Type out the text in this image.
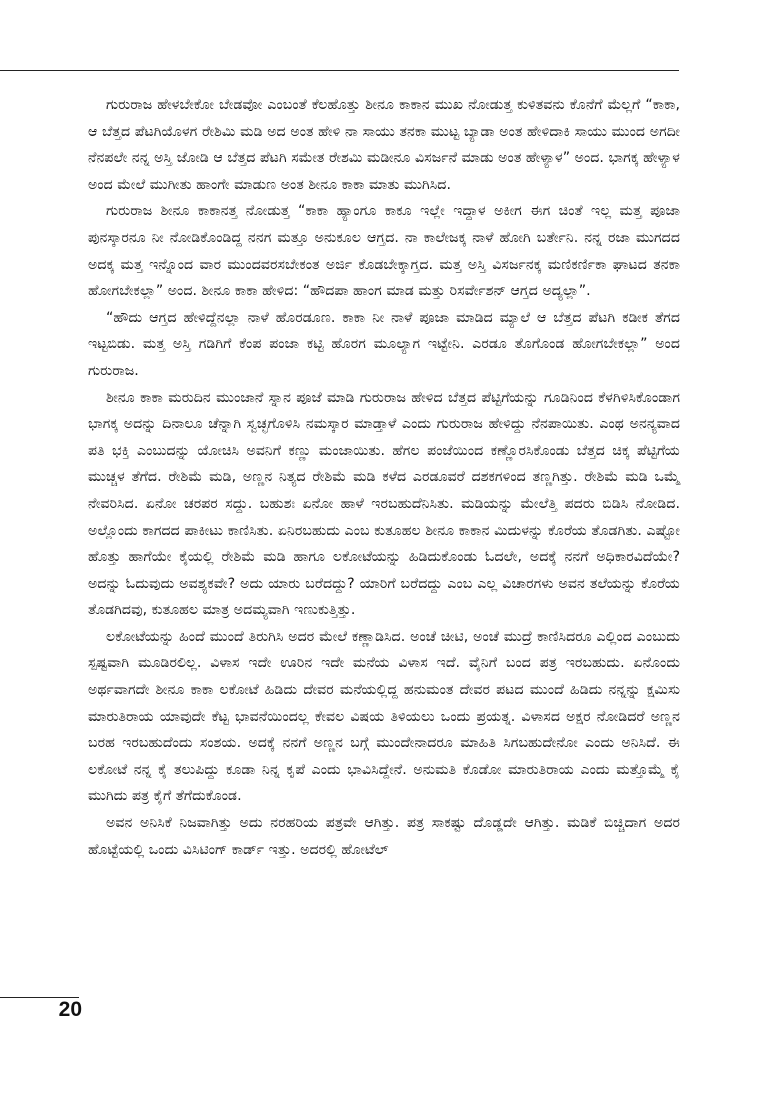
ಗುರುರಾಜ ಹೇಳಬೇಕೋ ಬೇಡವೋ ಎಂಬಂತೆ ಕೆಲಹೊತ್ತು ಶೀನೂ ಕಾಕಾನ ಮುಖ ನೋಡುತ್ತ ಕುಳಿತವನು ಕೊನೆಗೆ ಮೆಲ್ಲಗೆ “ಕಾಕಾ, ಆ ಬೆತ್ತದ ಪೆಟಗಿಯೊಳಗ ರೇಶಿಮಿ ಮಡಿ ಅದ ಅಂತ ಹೇಳಿ ನಾ ಸಾಯು ತನಕಾ ಮುಟ್ಟ ಬ್ಯಾಡಾ ಅಂತ ಹೇಳಿದಾಕಿ ಸಾಯು ಮುಂದ ಅಗದೀ ನೆನಪಲೇ ನನ್ನ ಅಸ್ತಿ ಜೋಡಿ ಆ ಬೆತ್ತದ ಪೆಟಗಿ ಸಮೇತ ರೇಶಮಿ ಮಡೀನೂ ವಿಸರ್ಜನೆ ಮಾಡು ಅಂತ ಹೇಳ್ಯಾಳ” ಅಂದ. ಭಾಗಕ್ಕ ಹೇಳ್ಯಾಳ ಅಂದ ಮೇಲೆ ಮುಗೀತು ಹಾಂಗೇ ಮಾಡುಣ ಅಂತ ಶೀನೂ ಕಾಕಾ ಮಾತು ಮುಗಿಸಿದ.

ಗುರುರಾಜ ಶೀನೂ ಕಾಕಾನತ್ತ ನೋಡುತ್ತ “ಕಾಕಾ ಹ್ಯಾಂಗೂ ಕಾಕೂ ಇಲ್ಲೇ ಇದ್ದಾಳ ಅಕೀಗ ಈಗ ಚಿಂತೆ ಇಲ್ಲ ಮತ್ತ ಪೂಜಾ ಪುನಸ್ಕಾರನೂ ನೀ ನೋಡಿಕೊಂಡಿದ್ದ ನನಗ ಮತ್ತೂ ಅನುಕೂಲ ಆಗ್ತದ. ನಾ ಕಾಲೇಜಕ್ಕ ನಾಳೆ ಹೋಗಿ ಬರ್ತೇನಿ. ನನ್ನ ರಜಾ ಮುಗದದ ಅದಕ್ಕ ಮತ್ತ ಇನ್ನೊಂದ ವಾರ ಮುಂದವರಸಬೇಕಂತ ಅರ್ಜಿ ಕೊಡಬೇಕ್ಕಾಗ್ತದ. ಮತ್ತ ಅಸ್ತಿ ವಿಸರ್ಜನಕ್ಕ ಮಣಿಕರ್ಣಿಕಾ ಘಾಟದ ತನಕಾ ಹೋಗಬೇಕಲ್ಲಾ” ಅಂದ. ಶೀನೂ ಕಾಕಾ ಹೇಳಿದ: “ಹೌದಪಾ ಹಾಂಗ ಮಾಡ ಮತ್ತು ರಿಸರ್ವೇಶನ್ ಆಗ್ತದ ಅದ್ಯಲ್ಲಾ”.

“ಹೌದು ಆಗ್ತದ ಹೇಳಿದ್ದೆನಲ್ಲಾ ನಾಳೆ ಹೊರಡೂಣ. ಕಾಕಾ ನೀ ನಾಳೆ ಪೂಜಾ ಮಾಡಿದ ಮ್ಯಾಲೆ ಆ ಬೆತ್ತದ ಪೆಟಗಿ ಕಡೀಕ ತೆಗದ ಇಟ್ಟಬಿಡು. ಮತ್ತ ಅಸ್ತಿ ಗಡಿಗಿಗೆ ಕೆಂಪ ಪಂಜಾ ಕಟ್ಟಿ ಹೊರಗ ಮೂಲ್ಯಾಗ ಇಟ್ಟೇನಿ. ಎರಡೂ ತೊಗೊಂಡ ಹೋಗಬೇಕಲ್ಲಾ” ಅಂದ ಗುರುರಾಜ.

ಶೀನೂ ಕಾಕಾ ಮರುದಿನ ಮುಂಜಾನೆ ಸ್ನಾನ ಪೂಜೆ ಮಾಡಿ ಗುರುರಾಜ ಹೇಳಿದ ಬೆತ್ತದ ಪೆಟ್ಟಿಗೆಯನ್ನು ಗೂಡಿನಿಂದ ಕೆಳಗಿಳಿಸಿಕೊಂಡಾಗ ಭಾಗಕ್ಕ ಅದನ್ನು ದಿನಾಲೂ ಚೆನ್ನಾಗಿ ಸ್ವಚ್ಛಗೊಳಿಸಿ ನಮಸ್ಕಾರ ಮಾಡ್ತಾಳೆ ಎಂದು ಗುರುರಾಜ ಹೇಳಿದ್ದು ನೆನಪಾಯಿತು. ಎಂಥ ಅನನ್ಯವಾದ ಪತಿ ಭಕ್ತಿ ಎಂಬುದನ್ನು ಯೋಚಿಸಿ ಅವನಿಗೆ ಕಣ್ಣು ಮಂಜಾಯಿತು. ಹೆಗಲ ಪಂಜೆಯಿಂದ ಕಣ್ಣೊರಸಿಕೊಂಡು ಬೆತ್ತದ ಚಿಕ್ಕ ಪೆಟ್ಟಿಗೆಯ ಮುಚ್ಚಳ ತೆಗೆದ. ರೇಶಿಮೆ ಮಡಿ, ಅಣ್ಣನ ನಿತ್ಯದ ರೇಶಿಮೆ ಮಡಿ ಕಳೆದ ಎರಡೂವರೆ ದಶಕಗಳಿಂದ ತಣ್ಣಗಿತ್ತು. ರೇಶಿಮೆ ಮಡಿ ಒಮ್ಮೆ ನೇವರಿಸಿದ. ಏನೋ ಚರಪರ ಸದ್ದು. ಬಹುಶಃ ಏನೋ ಹಾಳೆ ಇರಬಹುದೆನಿಸಿತು. ಮಡಿಯನ್ನು ಮೇಲೆತ್ತಿ ಪದರು ಬಿಡಿಸಿ ನೋಡಿದ. ಅಲ್ಲೊಂದು ಕಾಗದದ ಪಾಕೀಟು ಕಾಣಿಸಿತು. ಏನಿರಬಹುದು ಎಂಬ ಕುತೂಹಲ ಶೀನೂ ಕಾಕಾನ ಮಿದುಳನ್ನು ಕೊರೆಯ ತೊಡಗಿತು. ಎಷ್ಟೋ ಹೊತ್ತು ಹಾಗೆಯೇ ಕೈಯಲ್ಲಿ ರೇಶಿಮೆ ಮಡಿ ಹಾಗೂ ಲಕೋಟೆಯನ್ನು ಹಿಡಿದುಕೊಂಡು ಓದಲೇ, ಅದಕ್ಕೆ ನನಗೆ ಅಧಿಕಾರವಿದೆಯೇ? ಅದನ್ನು ಓದುವುದು ಅವಶ್ಯಕವೇ? ಅದು ಯಾರು ಬರೆದದ್ದು? ಯಾರಿಗೆ ಬರೆದದ್ದು ಎಂಬ ಎಲ್ಲ ವಿಚಾರಗಳು ಅವನ ತಲೆಯನ್ನು ಕೊರೆಯ ತೊಡಗಿದವು, ಕುತೂಹಲ ಮಾತ್ರ ಅದಮ್ಯವಾಗಿ ಇಣುಕುತ್ತಿತ್ತು.

ಲಕೋಟೆಯನ್ನು ಹಿಂದೆ ಮುಂದೆ ತಿರುಗಿಸಿ ಅದರ ಮೇಲೆ ಕಣ್ಣಾಡಿಸಿದ. ಅಂಚೆ ಚೀಟಿ, ಅಂಚೆ ಮುದ್ರೆ ಕಾಣಿಸಿದರೂ ಎಲ್ಲಿಂದ ಎಂಬುದು ಸ್ಪಷ್ಟವಾಗಿ ಮೂಡಿರಲಿಲ್ಲ. ವಿಳಾಸ ಇದೇ ಊರಿನ ಇದೇ ಮನೆಯ ವಿಳಾಸ ಇದೆ. ವೈನಿಗೆ ಬಂದ ಪತ್ರ ಇರಬಹುದು. ಏನೊಂದು ಅರ್ಥವಾಗದೇ ಶೀನೂ ಕಾಕಾ ಲಕೋಟೆ ಹಿಡಿದು ದೇವರ ಮನೆಯಲ್ಲಿದ್ದ ಹನುಮಂತ ದೇವರ ಪಟದ ಮುಂದೆ ಹಿಡಿದು ನನ್ನನ್ನು ಕ್ಷಮಿಸು ಮಾರುತಿರಾಯ ಯಾವುದೇ ಕೆಟ್ಟ ಭಾವನೆಯಿಂದಲ್ಲ ಕೇವಲ ವಿಷಯ ತಿಳಿಯಲು ಒಂದು ಪ್ರಯತ್ನ. ವಿಳಾಸದ ಅಕ್ಷರ ನೋಡಿದರೆ ಅಣ್ಣನ ಬರಹ ಇರಬಹುದೆಂದು ಸಂಶಯ. ಅದಕ್ಕೆ ನನಗೆ ಅಣ್ಣನ ಬಗ್ಗೆ ಮುಂದೇನಾದರೂ ಮಾಹಿತಿ ಸಿಗಬಹುದೇನೋ ಎಂದು ಅನಿಸಿದೆ. ಈ ಲಕೋಟೆ ನನ್ನ ಕೈ ತಲುಪಿದ್ದು ಕೂಡಾ ನಿನ್ನ ಕೃಪೆ ಎಂದು ಭಾವಿಸಿದ್ದೇನೆ. ಅನುಮತಿ ಕೊಡೋ ಮಾರುತಿರಾಯ ಎಂದು ಮತ್ತೊಮ್ಮೆ ಕೈ ಮುಗಿದು ಪತ್ರ ಕೈಗೆ ತೆಗೆದುಕೊಂಡ.

ಅವನ ಅನಿಸಿಕೆ ನಿಜವಾಗಿತ್ತು ಅದು ನರಹರಿಯ ಪತ್ರವೇ ಆಗಿತ್ತು. ಪತ್ರ ಸಾಕಷ್ಟು ದೊಡ್ಡದೇ ಆಗಿತ್ತು. ಮಡಿಕೆ ಬಿಚ್ಚಿದಾಗ ಅದರ ಹೊಟ್ಟೆಯಲ್ಲಿ ಒಂದು ವಿಸಿಟಿಂಗ್ ಕಾರ್ಡ್ ಇತ್ತು. ಅದರಲ್ಲಿ ಹೋಟೆಲ್

20
